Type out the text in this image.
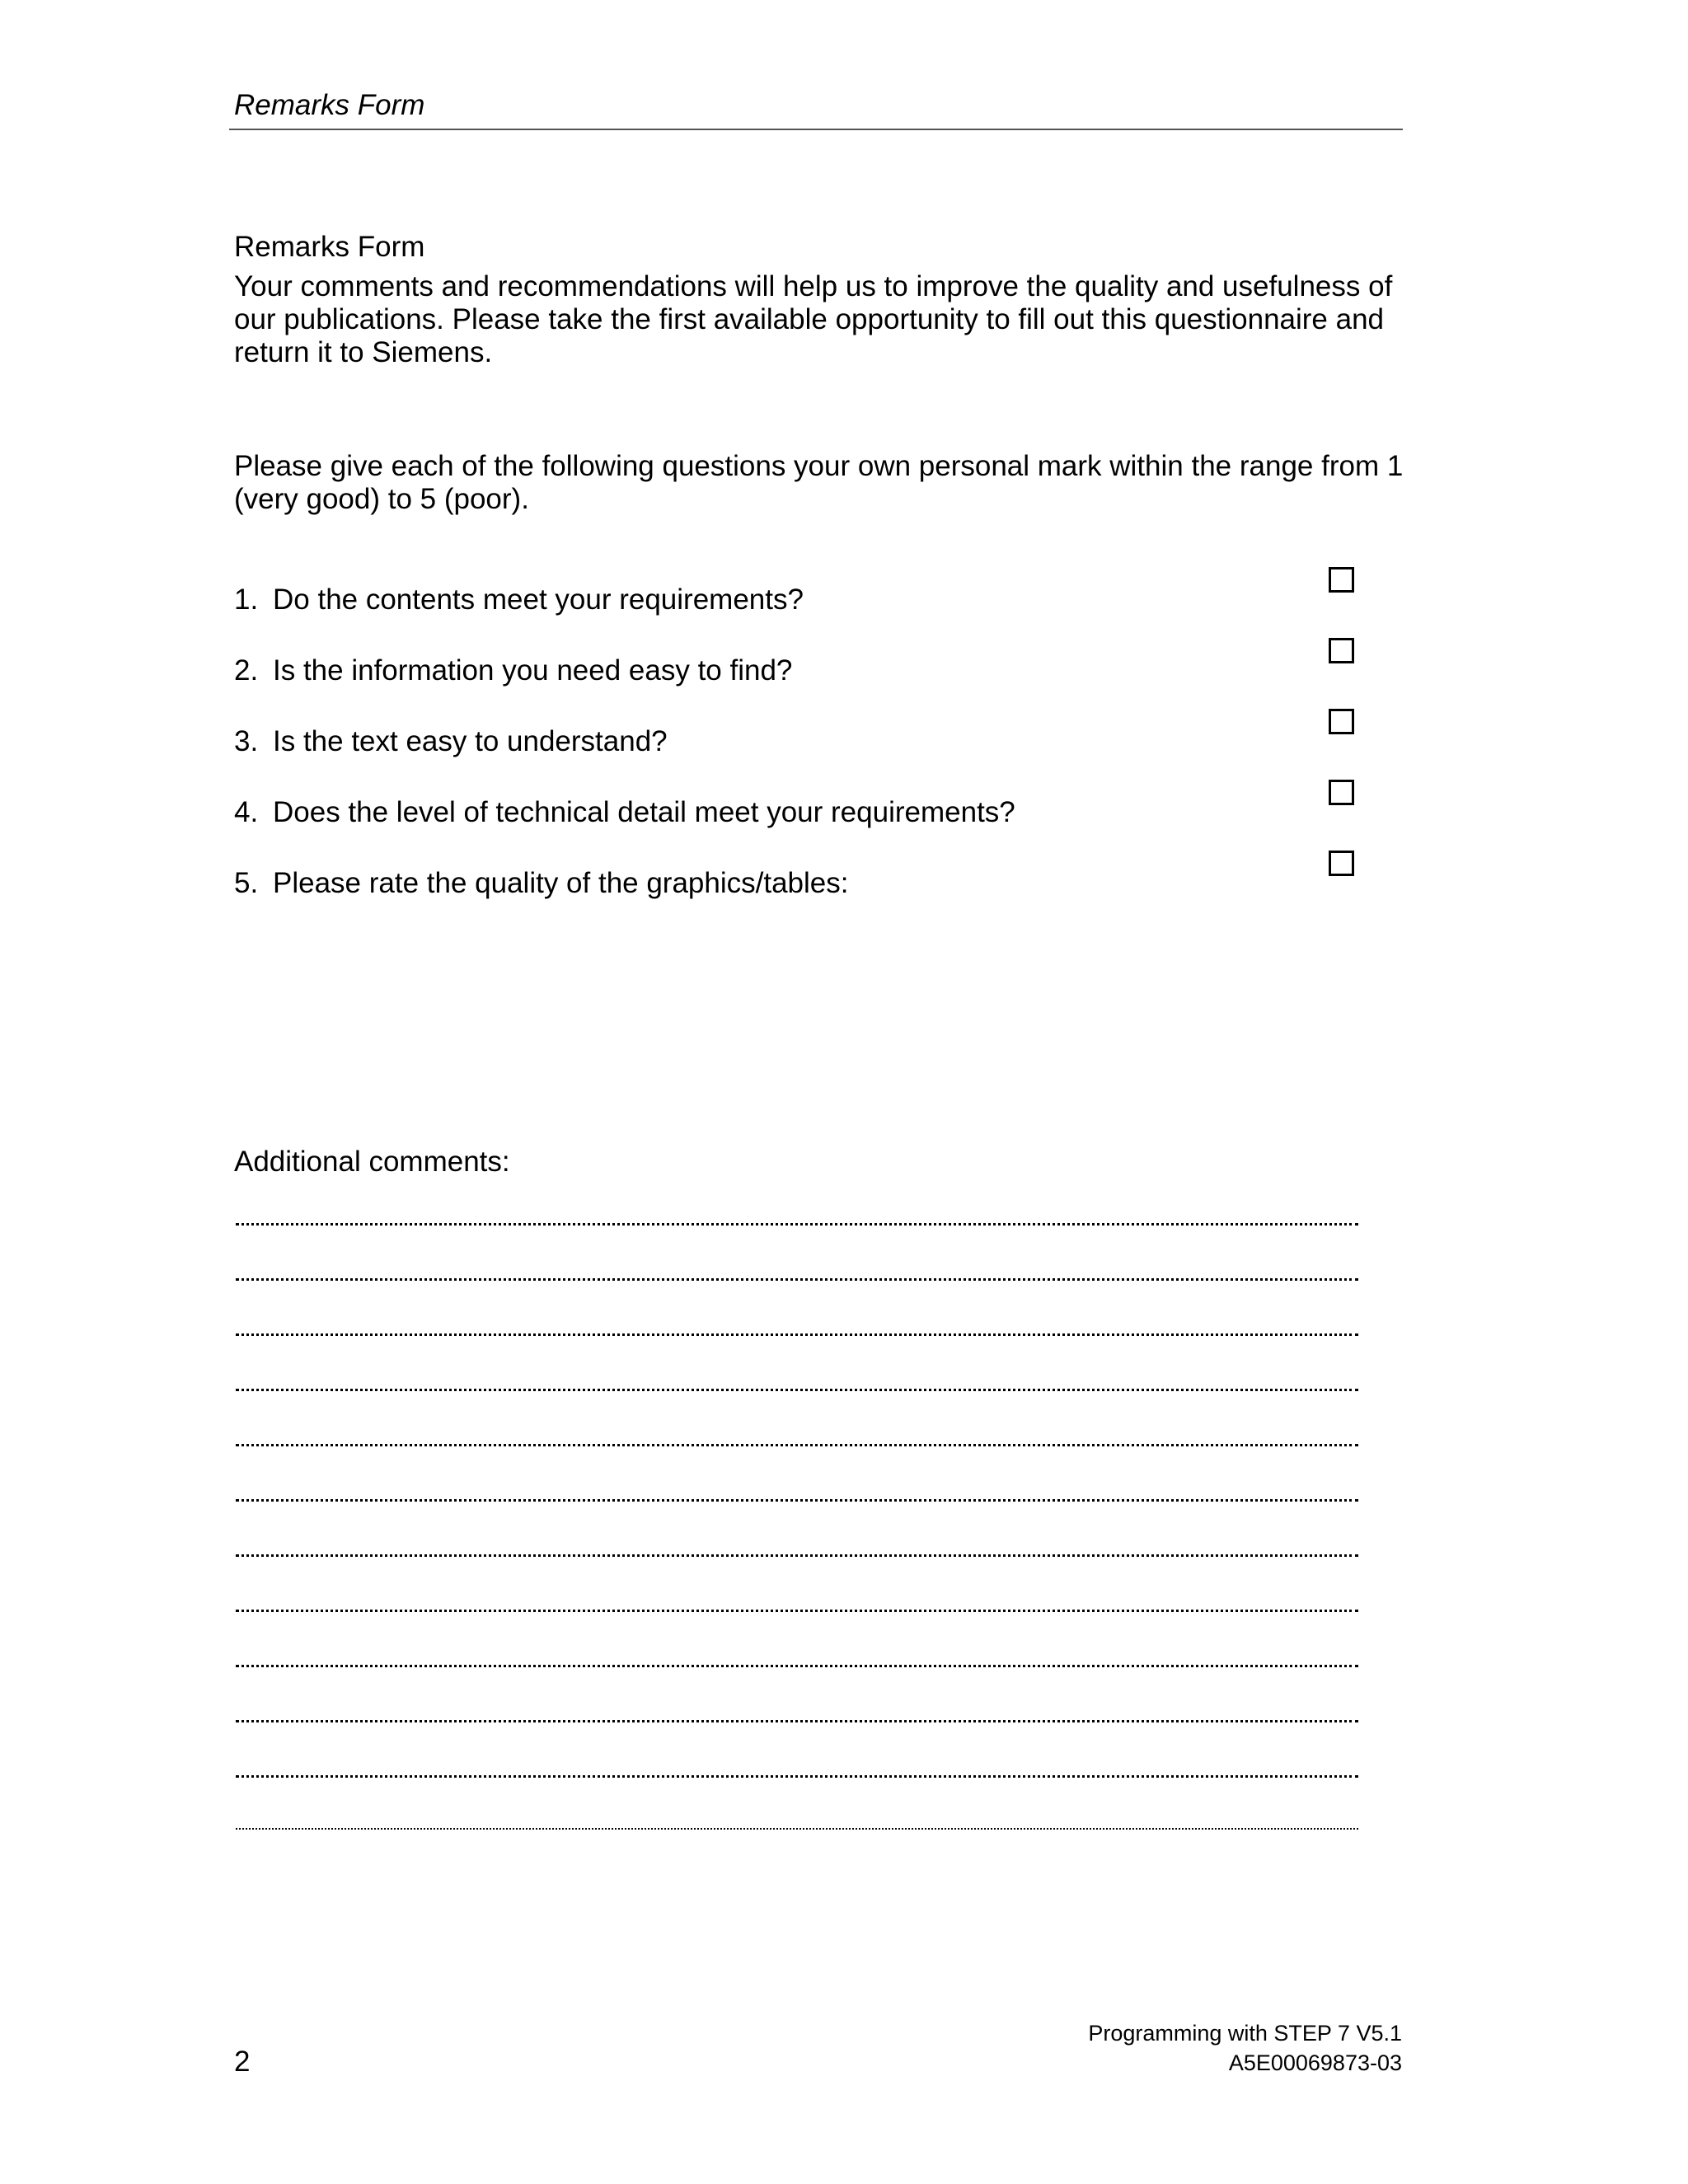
Remarks Form
Remarks Form
Your comments and recommendations will help us to improve the quality and usefulness of our publications. Please take the first available opportunity to fill out this questionnaire and return it to Siemens.
Please give each of the following questions your own personal mark within the range from 1 (very good) to 5 (poor).
1. Do the contents meet your requirements?
2. Is the information you need easy to find?
3. Is the text easy to understand?
4. Does the level of technical detail meet your requirements?
5. Please rate the quality of the graphics/tables:
Additional comments:
Programming with STEP 7 V5.1
A5E00069873-03
2
